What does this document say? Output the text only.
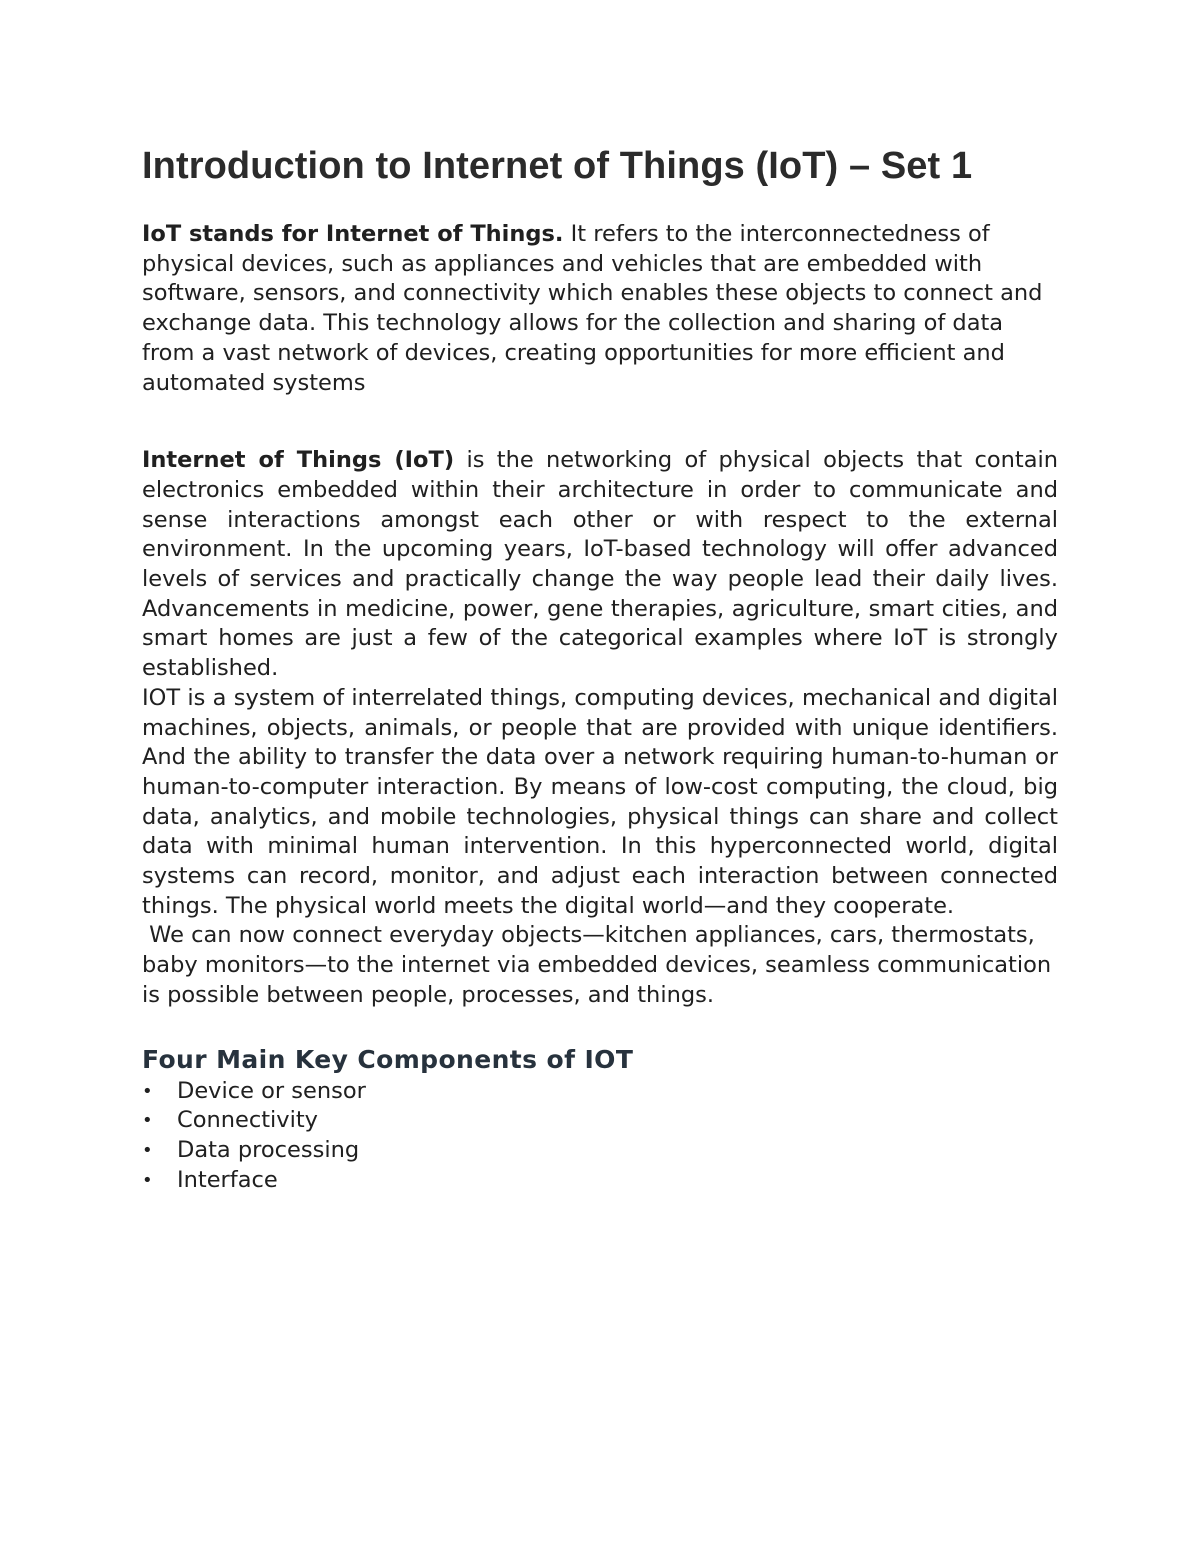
Introduction to Internet of Things (IoT) – Set 1

IoT stands for Internet of Things. It refers to the interconnectedness of physical devices, such as appliances and vehicles that are embedded with software, sensors, and connectivity which enables these objects to connect and exchange data. This technology allows for the collection and sharing of data from a vast network of devices, creating opportunities for more efficient and automated systems

Internet of Things (IoT) is the networking of physical objects that contain electronics embedded within their architecture in order to communicate and sense interactions amongst each other or with respect to the external environment. In the upcoming years, IoT-based technology will offer advanced levels of services and practically change the way people lead their daily lives. Advancements in medicine, power, gene therapies, agriculture, smart cities, and smart homes are just a few of the categorical examples where IoT is strongly established.

IOT is a system of interrelated things, computing devices, mechanical and digital machines, objects, animals, or people that are provided with unique identifiers. And the ability to transfer the data over a network requiring human-to-human or human-to-computer interaction. By means of low-cost computing, the cloud, big data, analytics, and mobile technologies, physical things can share and collect data with minimal human intervention. In this hyperconnected world, digital systems can record, monitor, and adjust each interaction between connected things. The physical world meets the digital world—and they cooperate.

We can now connect everyday objects—kitchen appliances, cars, thermostats, baby monitors—to the internet via embedded devices, seamless communication is possible between people, processes, and things.

Four Main Key Components of IOT
• Device or sensor
• Connectivity
• Data processing
• Interface
